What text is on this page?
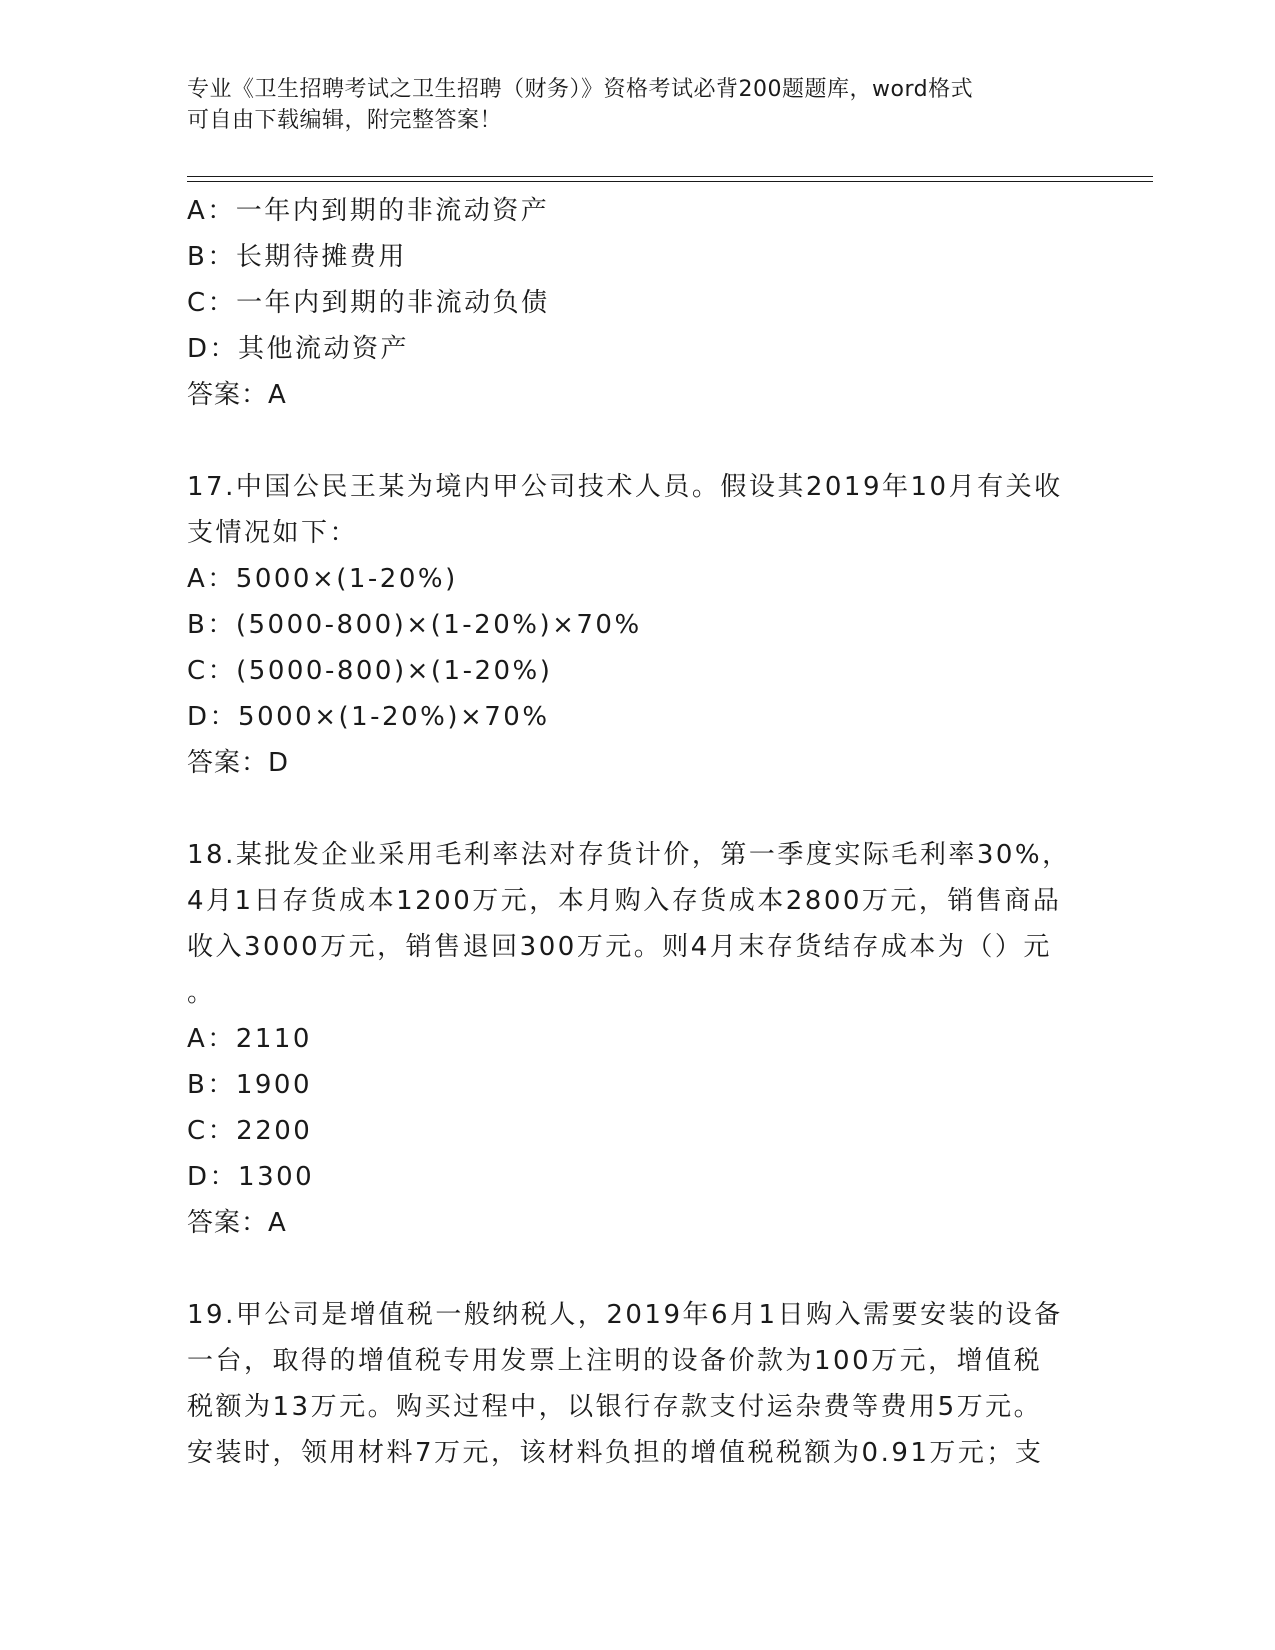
专业《卫生招聘考试之卫生招聘（财务）》资格考试必背200题题库，word格式
可自由下载编辑，附完整答案！
A：一年内到期的非流动资产
B：长期待摊费用
C：一年内到期的非流动负债
D：其他流动资产
答案：A
17.中国公民王某为境内甲公司技术人员。假设其2019年10月有关收
支情况如下：
A：5000×(1-20%)
B：(5000-800)×(1-20%)×70%
C：(5000-800)×(1-20%)
D：5000×(1-20%)×70%
答案：D
18.某批发企业采用毛利率法对存货计价，第一季度实际毛利率30%，
4月1日存货成本1200万元，本月购入存货成本2800万元，销售商品
收入3000万元，销售退回300万元。则4月末存货结存成本为（）元
。
A：2110
B：1900
C：2200
D：1300
答案：A
19.甲公司是增值税一般纳税人，2019年6月1日购入需要安装的设备
一台，取得的增值税专用发票上注明的设备价款为100万元，增值税
税额为13万元。购买过程中，以银行存款支付运杂费等费用5万元。
安装时，领用材料7万元，该材料负担的增值税税额为0.91万元；支
